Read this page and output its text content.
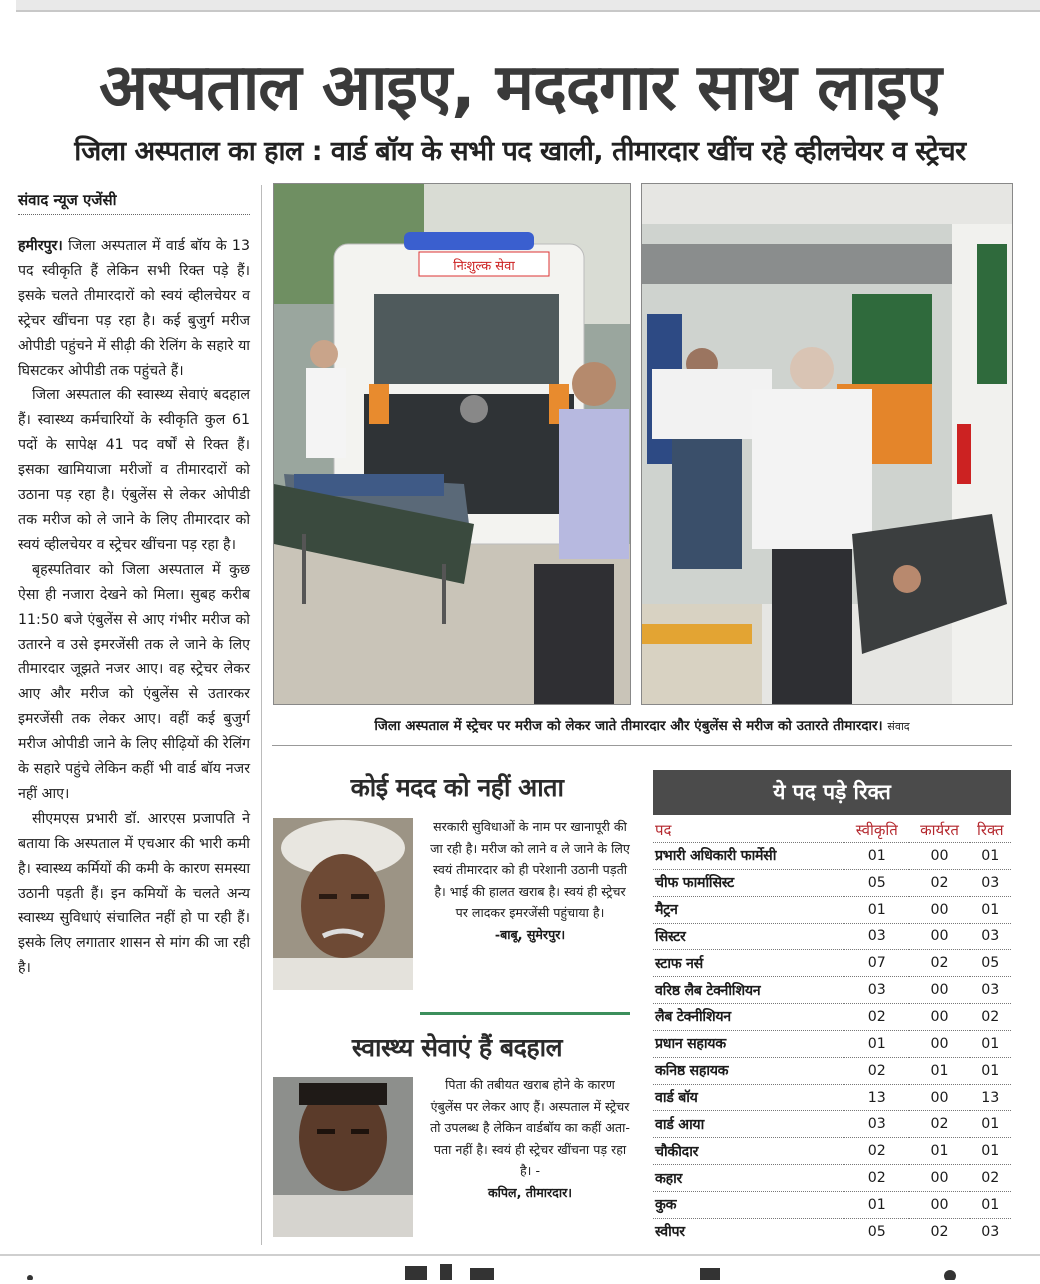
अस्पताल आइए, मददगार साथ लाइए
जिला अस्पताल का हाल : वार्ड बॉय के सभी पद खाली, तीमारदार खींच रहे व्हीलचेयर व स्ट्रेचर
संवाद न्यूज एजेंसी

हमीरपुर। जिला अस्पताल में वार्ड बॉय के 13 पद स्वीकृति हैं लेकिन सभी रिक्त पड़े हैं। इसके चलते तीमारदारों को स्वयं व्हीलचेयर व स्ट्रेचर खींचना पड़ रहा है। कई बुजुर्ग मरीज ओपीडी पहुंचने में सीढ़ी की रेलिंग के सहारे या घिसटकर ओपीडी तक पहुंचते हैं।

जिला अस्पताल की स्वास्थ्य सेवाएं बदहाल हैं। स्वास्थ्य कर्मचारियों के स्वीकृति कुल 61 पदों के सापेक्ष 41 पद वर्षों से रिक्त हैं। इसका खामियाजा मरीजों व तीमारदारों को उठाना पड़ रहा है। एंबुलेंस से लेकर ओपीडी तक मरीज को ले जाने के लिए तीमारदार को स्वयं व्हीलचेयर व स्ट्रेचर खींचना पड़ रहा है।

बृहस्पतिवार को जिला अस्पताल में कुछ ऐसा ही नजारा देखने को मिला। सुबह करीब 11:50 बजे एंबुलेंस से आए गंभीर मरीज को उतारने व उसे इमरजेंसी तक ले जाने के लिए तीमारदार जूझते नजर आए। वह स्ट्रेचर लेकर आए और मरीज को एंबुलेंस से उतारकर इमरजेंसी तक लेकर आए। वहीं कई बुजुर्ग मरीज ओपीडी जाने के लिए सीढ़ियों की रेलिंग के सहारे पहुंचे लेकिन कहीं भी वार्ड बॉय नजर नहीं आए।

सीएमएस प्रभारी डॉ. आरएस प्रजापति ने बताया कि अस्पताल में एचआर की भारी कमी है। स्वास्थ्य कर्मियों की कमी के कारण समस्या उठानी पड़ती हैं। इन कमियों के चलते अन्य स्वास्थ्य सुविधाएं संचालित नहीं हो पा रही हैं। इसके लिए लगातार शासन से मांग की जा रही है।

निःशुल्क सेवा
जिला अस्पताल में स्ट्रेचर पर मरीज को लेकर जाते तीमारदार और एंबुलेंस से मरीज को उतारते तीमारदार। संवाद
कोई मदद को नहीं आता
सरकारी सुविधाओं के नाम पर खानापूरी की जा रही है। मरीज को लाने व ले जाने के लिए स्वयं तीमारदार को ही परेशानी उठानी पड़ती है। भाई की हालत खराब है। स्वयं ही स्ट्रेचर पर लादकर इमरजेंसी पहुंचाया है।
-बाबू, सुमेरपुर।
स्वास्थ्य सेवाएं हैं बदहाल
पिता की तबीयत खराब होने के कारण एंबुलेंस पर लेकर आए हैं। अस्पताल में स्ट्रेचर तो उपलब्ध है लेकिन वार्डबॉय का कहीं अता-पता नहीं है। स्वयं ही स्ट्रेचर खींचना पड़ रहा है। -
कपिल, तीमारदार।
ये पद पड़े रिक्त
पद	स्वीकृति	कार्यरत	रिक्त
प्रभारी अधिकारी फार्मेसी	01	00	01
चीफ फार्मासिस्ट	05	02	03
मैट्रन	01	00	01
सिस्टर	03	00	03
स्टाफ नर्स	07	02	05
वरिष्ठ लैब टेक्नीशियन	03	00	03
लैब टेक्नीशियन	02	00	02
प्रधान सहायक	01	00	01
कनिष्ठ सहायक	02	01	01
वार्ड बॉय	13	00	13
वार्ड आया	03	02	01
चौकीदार	02	01	01
कहार	02	00	02
कुक	01	00	01
स्वीपर	05	02	03
